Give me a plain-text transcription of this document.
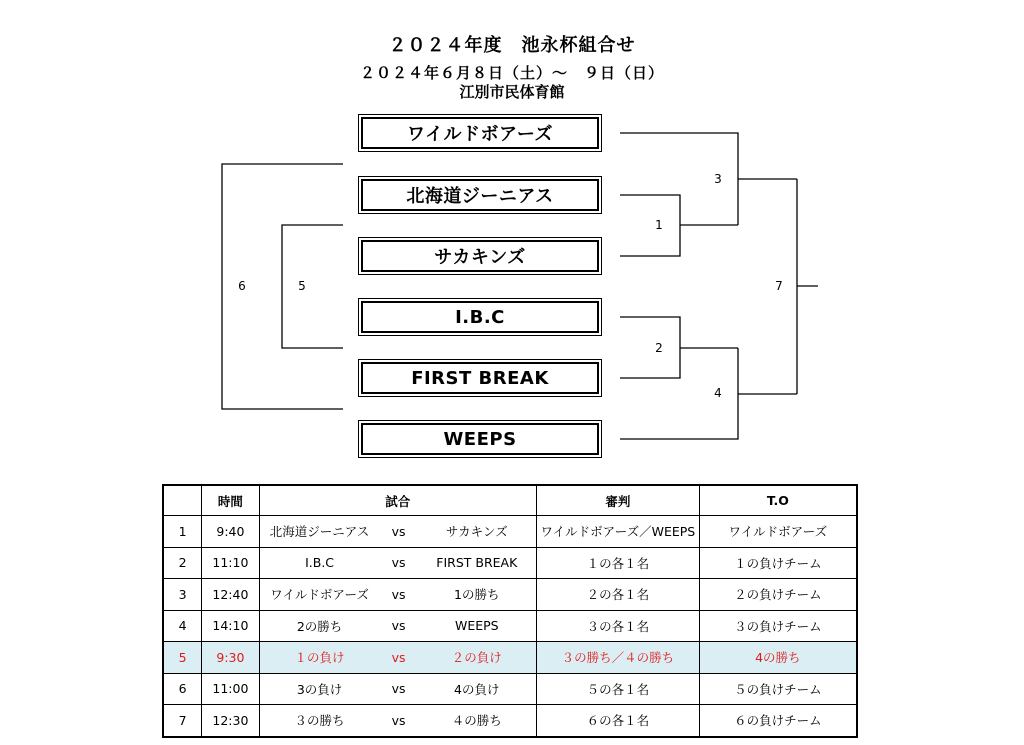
２０２４年度　池永杯組合せ
２０２４年６月８日（土）～　９日（日）
江別市民体育館
ワイルドボアーズ
北海道ジーニアス
サカキンズ
I.B.C
FIRST BREAK
WEEPS
1
2
3
4
5
6	7
	時間	試合	審判	T.O
1	9:40	北海道ジーニアス vs サカキンズ	ワイルドボアーズ／WEEPS	ワイルドボアーズ
2	11:10	I.B.C vs FIRST BREAK	１の各１名	１の負けチーム
3	12:40	ワイルドボアーズ vs 1の勝ち	２の各１名	２の負けチーム
4	14:10	2の勝ち vs WEEPS	３の各１名	３の負けチーム
5	9:30	１の負け vs ２の負け	３の勝ち／４の勝ち	4の勝ち
6	11:00	3の負け vs 4の負け	５の各１名	５の負けチーム
7	12:30	３の勝ち vs ４の勝ち	６の各１名	６の負けチーム
